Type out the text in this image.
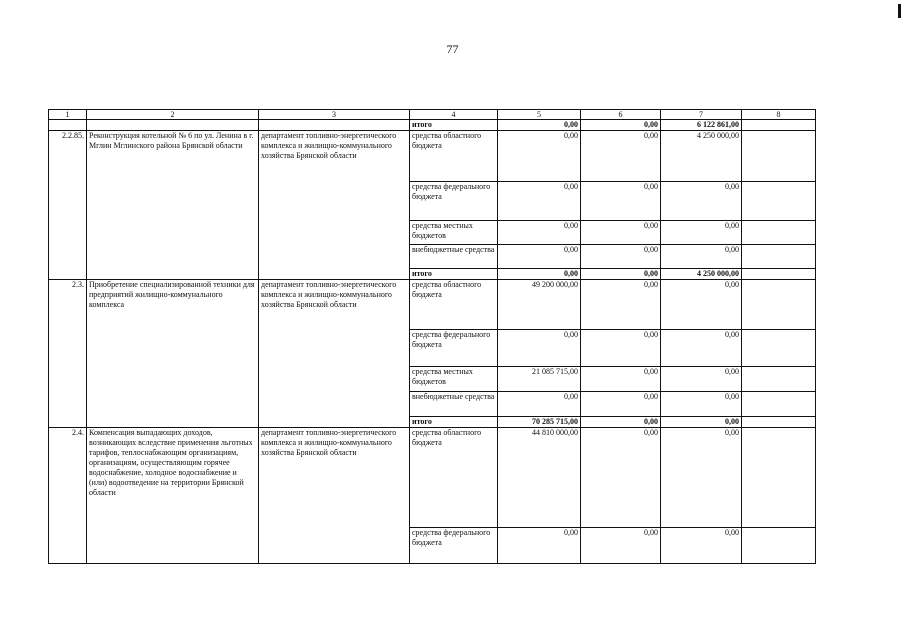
77
1	2	3	4	5	6	7	8
			итого	0,00	0,00	6 122 861,00	
2.2.85.	Реконструкция котельной № 6 по ул. Ленина в г. Мглин Мглинского района Брянской области	департамент топливно-энергетического комплекса и жилищно-коммунального хозяйства Брянской области	средства областного бюджета	0,00	0,00	4 250 000,00	
			средства федерального бюджета	0,00	0,00	0,00	
			средства местных бюджетов	0,00	0,00	0,00	
			внебюджетные средства	0,00	0,00	0,00	
			итого	0,00	0,00	4 250 000,00	
2.3.	Приобретение специализированной техники для предприятий жилищно-коммунального комплекса	департамент топливно-энергетического комплекса и жилищно-коммунального хозяйства Брянской области	средства областного бюджета	49 200 000,00	0,00	0,00	
			средства федерального бюджета	0,00	0,00	0,00	
			средства местных бюджетов	21 085 715,00	0,00	0,00	
			внебюджетные средства	0,00	0,00	0,00	
			итого	70 285 715,00	0,00	0,00	
2.4.	Компенсация выпадающих доходов, возникающих вследствие применения льготных тарифов, теплоснабжающим организациям, организациям, осуществляющим горячее водоснабжение, холодное водоснабжение и (или) водоотведение на территории Брянской области	департамент топливно-энергетического комплекса и жилищно-коммунального хозяйства Брянской области	средства областного бюджета	44 810 000,00	0,00	0,00	
			средства федерального бюджета	0,00	0,00	0,00	
